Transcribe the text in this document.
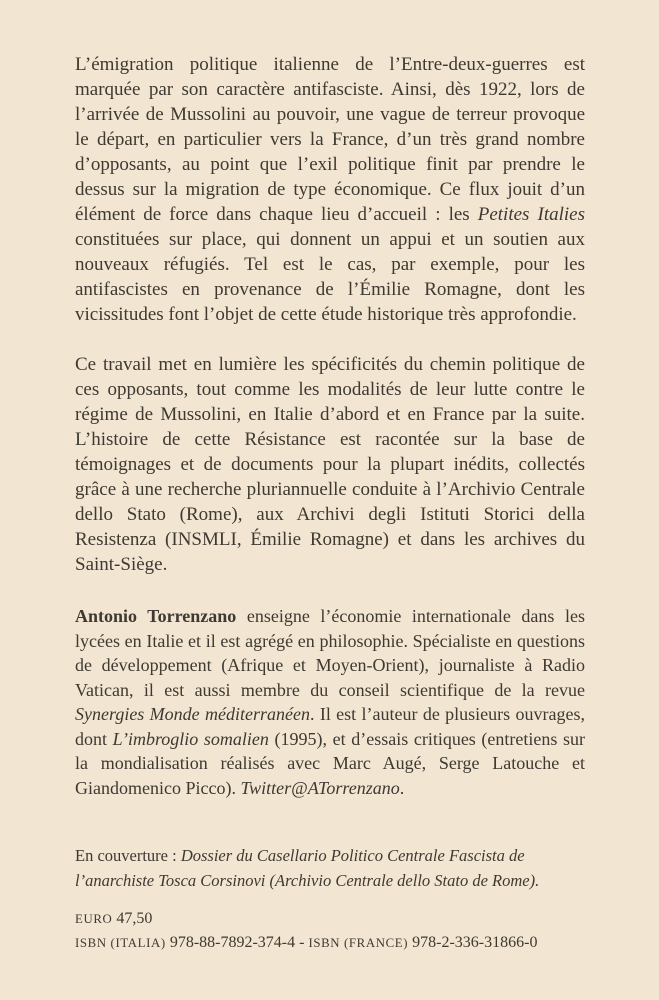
L’émigration politique italienne de l’Entre-deux-guerres est marquée par son caractère antifasciste. Ainsi, dès 1922, lors de l’arrivée de Mussolini au pouvoir, une vague de terreur provoque le départ, en particulier vers la France, d’un très grand nombre d’opposants, au point que l’exil politique finit par prendre le dessus sur la migration de type économique. Ce flux jouit d’un élément de force dans chaque lieu d’accueil : les Petites Italies constituées sur place, qui donnent un appui et un soutien aux nouveaux réfugiés. Tel est le cas, par exemple, pour les antifascistes en provenance de l’Émilie Romagne, dont les vicissitudes font l’objet de cette étude historique très approfondie.

Ce travail met en lumière les spécificités du chemin politique de ces opposants, tout comme les modalités de leur lutte contre le régime de Mussolini, en Italie d’abord et en France par la suite. L’histoire de cette Résistance est racontée sur la base de témoignages et de documents pour la plupart inédits, collectés grâce à une recherche pluriannuelle conduite à l’Archivio Centrale dello Stato (Rome), aux Archivi degli Istituti Storici della Resistenza (INSMLI, Émilie Romagne) et dans les archives du Saint-Siège.

Antonio Torrenzano enseigne l’économie internationale dans les lycées en Italie et il est agrégé en philosophie. Spécialiste en questions de développement (Afrique et Moyen-Orient), journaliste à Radio Vatican, il est aussi membre du conseil scientifique de la revue Synergies Monde méditerranéen. Il est l’auteur de plusieurs ouvrages, dont L’imbroglio somalien (1995), et d’essais critiques (entretiens sur la mondialisation réalisés avec Marc Augé, Serge Latouche et Giandomenico Picco). Twitter@ATorrenzano.

En couverture : Dossier du Casellario Politico Centrale Fascista de l’anarchiste Tosca Corsinovi (Archivio Centrale dello Stato de Rome).

EURO 47,50

ISBN (ITALIA) 978-88-7892-374-4 - ISBN (FRANCE) 978-2-336-31866-0
